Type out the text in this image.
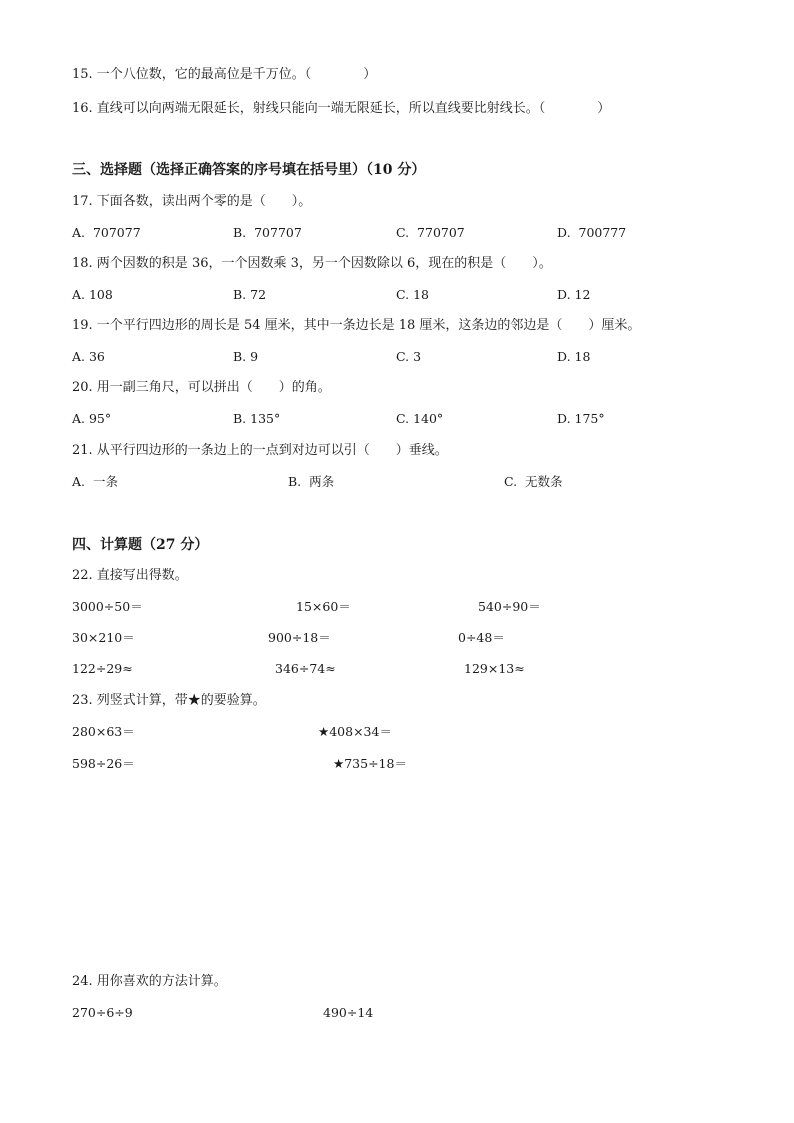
15. 一个八位数，它的最高位是千万位。（　　　　）
16. 直线可以向两端无限延长，射线只能向一端无限延长，所以直线要比射线长。（　　　　）
三、选择题（选择正确答案的序号填在括号里）（10 分）
17. 下面各数，读出两个零的是（　　）。
A.  707077	B.  707707	C.  770707	D.  700777
18. 两个因数的积是 36，一个因数乘 3，另一个因数除以 6，现在的积是（　　）。
A. 108	B. 72	C. 18	D. 12
19. 一个平行四边形的周长是 54 厘米，其中一条边长是 18 厘米，这条边的邻边是（　　）厘米。
A. 36	B. 9	C. 3	D. 18
20. 用一副三角尺，可以拼出（　　）的角。
A. 95°	B. 135°	C. 140°	D. 175°
21. 从平行四边形的一条边上的一点到对边可以引（　　）垂线。
A.  一条	B.  两条	C.  无数条
四、计算题（27 分）
22. 直接写出得数。
3000÷50＝	15×60＝	540÷90＝
30×210＝	900÷18＝	0÷48＝
122÷29≈	346÷74≈	129×13≈
23. 列竖式计算，带★的要验算。
280×63＝	★408×34＝
598÷26＝	★735÷18＝
24. 用你喜欢的方法计算。
270÷6÷9	490÷14
